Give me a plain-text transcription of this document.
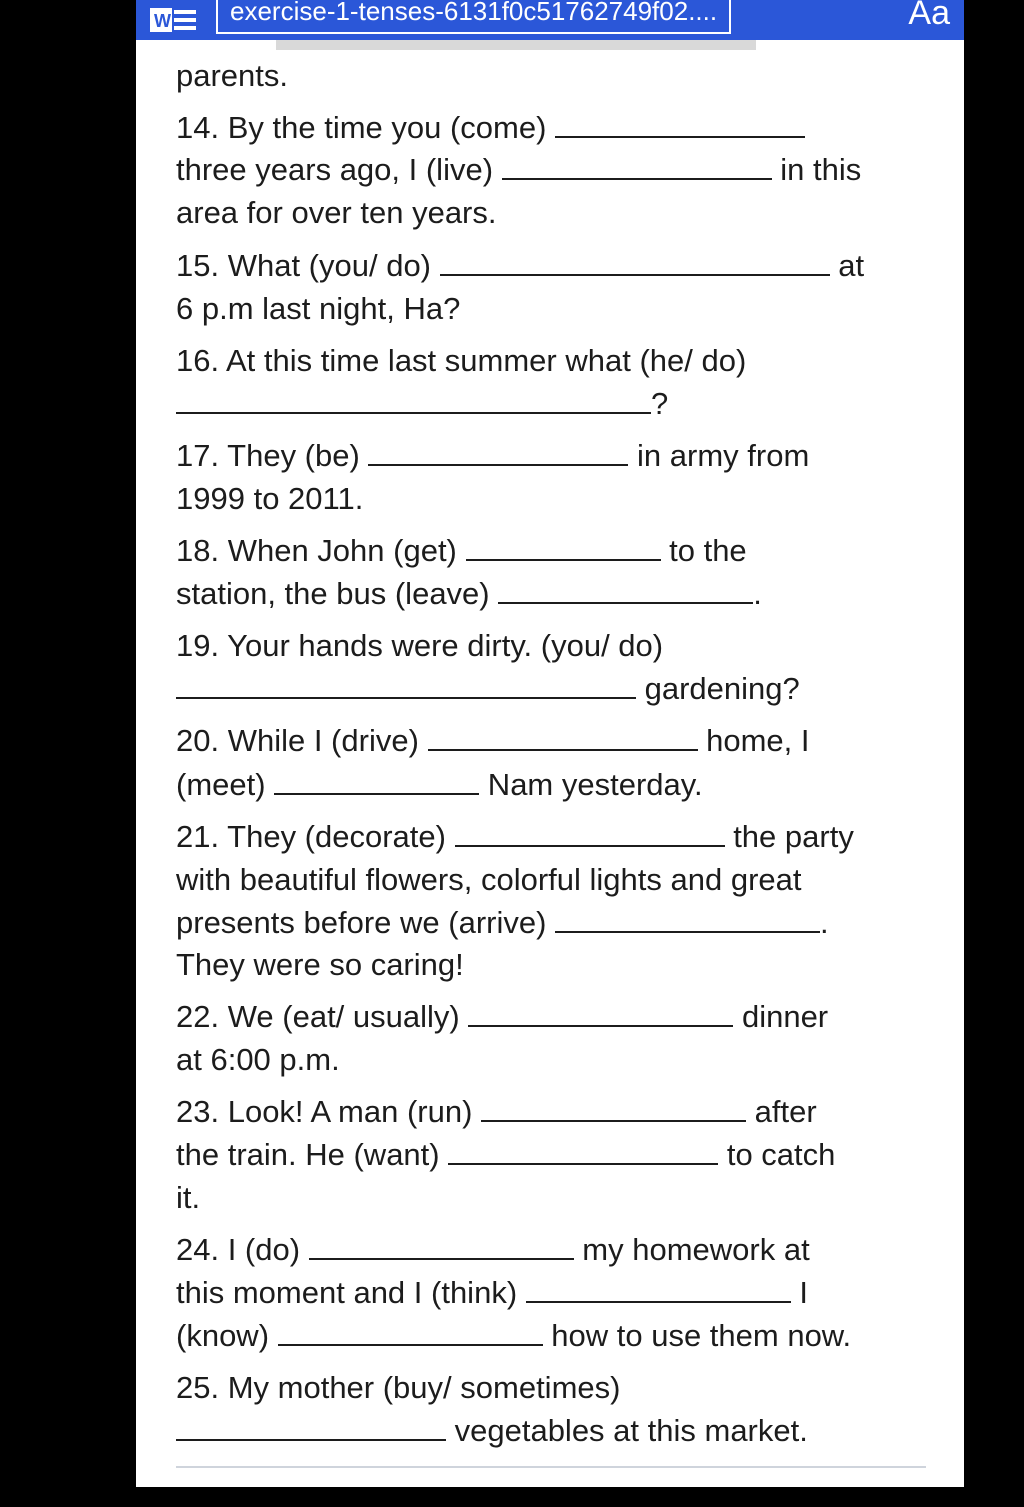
W	exercise-1-tenses-6131f0c51762749f02....	Aa
parents.
14. By the time you (come)
three years ago, I (live)	in this
area for over ten years.
15. What (you/ do)	at
6 p.m last night, Ha?
16. At this time last summer what (he/ do)
?
17. They (be)	in army from
1999 to 2011.
18. When John (get)	to the
station, the bus (leave)	.
19. Your hands were dirty. (you/ do)
gardening?
20. While I (drive)	home, I
(meet)	Nam yesterday.
21. They (decorate)	the party
with beautiful flowers, colorful lights and great
presents before we (arrive)	.
They were so caring!
22. We (eat/ usually)	dinner
at 6:00 p.m.
23. Look! A man (run)	after
the train. He (want)	to catch
it.
24. I (do)	my homework at
this moment and I (think)	I
(know)	how to use them now.
25. My mother (buy/ sometimes)
vegetables at this market.
